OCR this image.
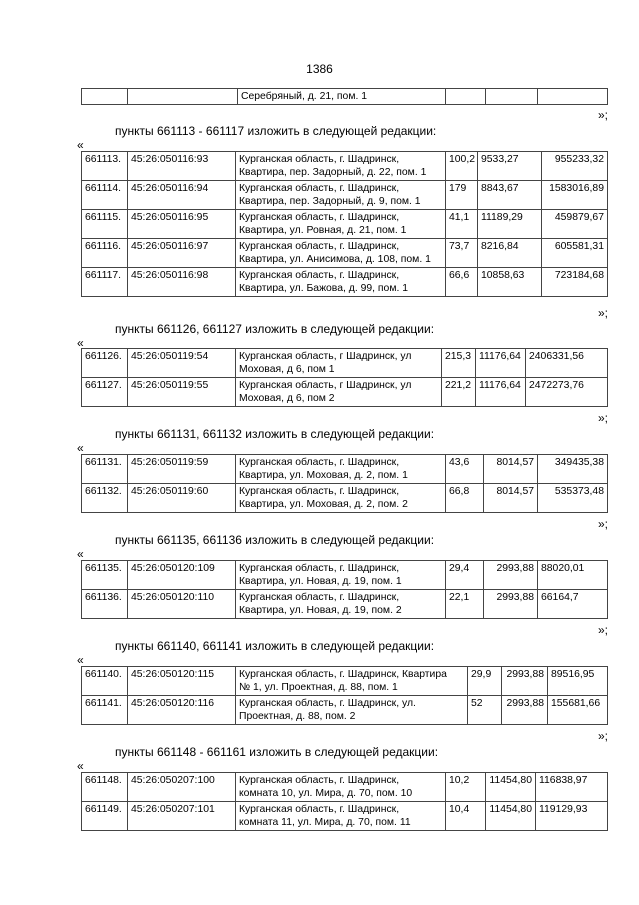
1386
		Серебряный, д. 21, пом. 1			
»;
пункты 661113 - 661117 изложить в следующей редакции:
«
661113.	45:26:050116:93	Курганская область, г. Шадринск,
Квартира, пер. Задорный, д. 22, пом. 1	100,2	9533,27	955233,32
661114.	45:26:050116:94	Курганская область, г. Шадринск,
Квартира, пер. Задорный, д. 9, пом. 1	179	8843,67	1583016,89
661115.	45:26:050116:95	Курганская область, г. Шадринск,
Квартира, ул. Ровная, д. 21, пом. 1	41,1	11189,29	459879,67
661116.	45:26:050116:97	Курганская область, г. Шадринск,
Квартира, ул. Анисимова, д. 108, пом. 1	73,7	8216,84	605581,31
661117.	45:26:050116:98	Курганская область, г. Шадринск,
Квартира, ул. Бажова, д. 99, пом. 1	66,6	10858,63	723184,68
»;
пункты 661126, 661127 изложить в следующей редакции:
«
661126.	45:26:050119:54	Курганская область, г Шадринск, ул
Моховая, д 6, пом 1	215,3	11176,64	2406331,56
661127.	45:26:050119:55	Курганская область, г Шадринск, ул
Моховая, д 6, пом 2	221,2	11176,64	2472273,76
»;
пункты 661131, 661132 изложить в следующей редакции:
«
661131.	45:26:050119:59	Курганская область, г. Шадринск,
Квартира, ул. Моховая, д. 2, пом. 1	43,6	8014,57	349435,38
661132.	45:26:050119:60	Курганская область, г. Шадринск,
Квартира, ул. Моховая, д. 2, пом. 2	66,8	8014,57	535373,48
»;
пункты 661135, 661136 изложить в следующей редакции:
«
661135.	45:26:050120:109	Курганская область, г. Шадринск,
Квартира, ул. Новая, д. 19, пом. 1	29,4	2993,88	88020,01
661136.	45:26:050120:110	Курганская область, г. Шадринск,
Квартира, ул. Новая, д. 19, пом. 2	22,1	2993,88	66164,7
»;
пункты 661140, 661141 изложить в следующей редакции:
«
661140.	45:26:050120:115	Курганская область, г. Шадринск, Квартира
№ 1, ул. Проектная, д. 88, пом. 1	29,9	2993,88	89516,95
661141.	45:26:050120:116	Курганская область, г. Шадринск, ул.
Проектная, д. 88, пом. 2	52	2993,88	155681,66
»;
пункты 661148 - 661161 изложить в следующей редакции:
«
661148.	45:26:050207:100	Курганская область, г. Шадринск,
комната 10, ул. Мира, д. 70, пом. 10	10,2	11454,80	116838,97
661149.	45:26:050207:101	Курганская область, г. Шадринск,
комната 11, ул. Мира, д. 70, пом. 11	10,4	11454,80	119129,93
